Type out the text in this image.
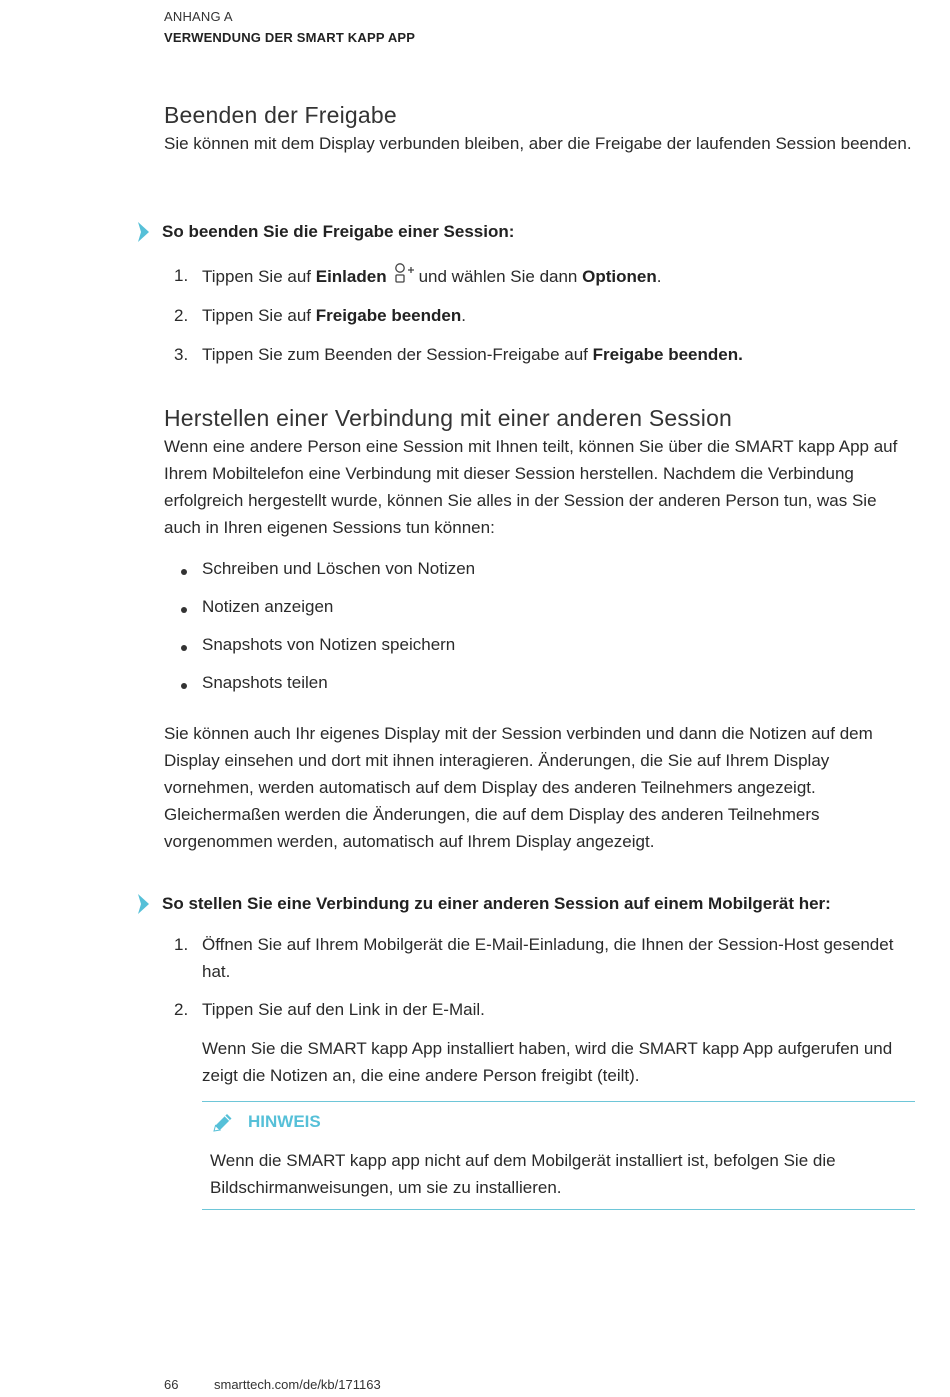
ANHANG A
VERWENDUNG DER SMART KAPP APP
Beenden der Freigabe
Sie können mit dem Display verbunden bleiben, aber die Freigabe der laufenden Session beenden.
So beenden Sie die Freigabe einer Session:
1. Tippen Sie auf Einladen und wählen Sie dann Optionen.
2. Tippen Sie auf Freigabe beenden.
3. Tippen Sie zum Beenden der Session-Freigabe auf Freigabe beenden.
Herstellen einer Verbindung mit einer anderen Session
Wenn eine andere Person eine Session mit Ihnen teilt, können Sie über die SMART kapp App auf Ihrem Mobiltelefon eine Verbindung mit dieser Session herstellen. Nachdem die Verbindung erfolgreich hergestellt wurde, können Sie alles in der Session der anderen Person tun, was Sie auch in Ihren eigenen Sessions tun können:
Schreiben und Löschen von Notizen
Notizen anzeigen
Snapshots von Notizen speichern
Snapshots teilen
Sie können auch Ihr eigenes Display mit der Session verbinden und dann die Notizen auf dem Display einsehen und dort mit ihnen interagieren. Änderungen, die Sie auf Ihrem Display vornehmen, werden automatisch auf dem Display des anderen Teilnehmers angezeigt. Gleichermaßen werden die Änderungen, die auf dem Display des anderen Teilnehmers vorgenommen werden, automatisch auf Ihrem Display angezeigt.
So stellen Sie eine Verbindung zu einer anderen Session auf einem Mobilgerät her:
1. Öffnen Sie auf Ihrem Mobilgerät die E-Mail-Einladung, die Ihnen der Session-Host gesendet hat.
2. Tippen Sie auf den Link in der E-Mail.
Wenn Sie die SMART kapp App installiert haben, wird die SMART kapp App aufgerufen und zeigt die Notizen an, die eine andere Person freigibt (teilt).
HINWEIS
Wenn die SMART kapp app nicht auf dem Mobilgerät installiert ist, befolgen Sie die Bildschirmanweisungen, um sie zu installieren.
66	smarttech.com/de/kb/171163
